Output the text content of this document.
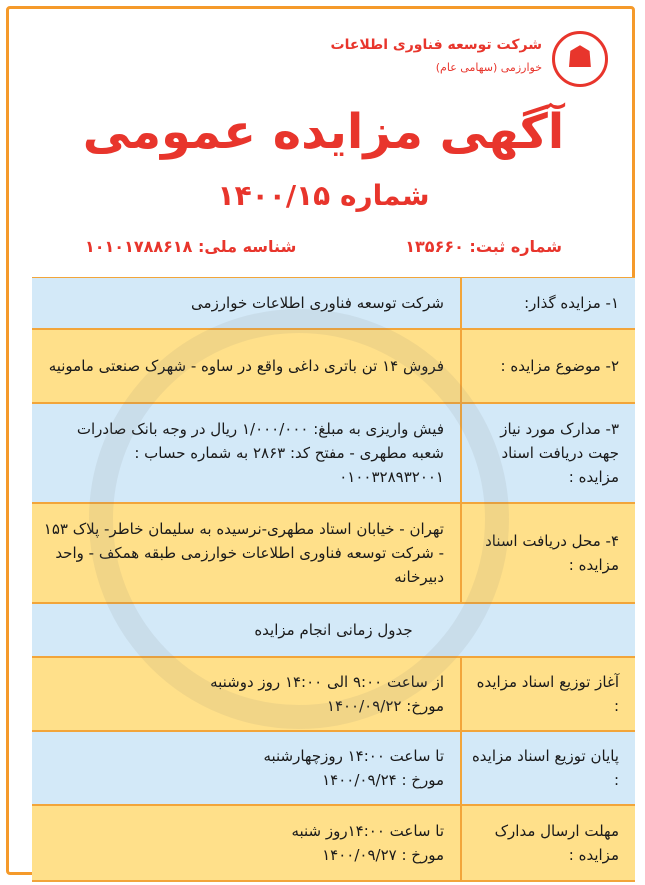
☗
شرکت توسعه فناوری اطلاعات
خوارزمی (سهامی عام)
آگهی مزایده عمومی
شماره ۱۴۰۰/۱۵
شماره ثبت: ۱۳۵۶۶۰
شناسه ملی: ۱۰۱۰۱۷۸۸۶۱۸
۱- مزایده گذار:
شرکت توسعه فناوری اطلاعات خوارزمی
۲- موضوع مزایده :
فروش ۱۴ تن باتری داغی واقع در ساوه - شهرک صنعتی مامونیه
۳- مدارک مورد نیاز جهت دریافت اسناد مزایده :
فیش واریزی به مبلغ: ۱/۰۰۰/۰۰۰ ریال در وجه بانک صادرات شعبه مطهری - مفتح کد: ۲۸۶۳ به شماره حساب : ۰۱۰۰۳۲۸۹۳۲۰۰۱
۴- محل دریافت اسناد مزایده :
تهران - خیابان استاد مطهری-نرسیده به سلیمان خاطر- پلاک ۱۵۳ - شرکت توسعه فناوری اطلاعات خوارزمی طبقه همکف - واحد دبیرخانه
جدول زمانی انجام مزایده
آغاز توزیع اسناد مزایده :
از ساعت ۹:۰۰ الی ۱۴:۰۰ روز دوشنبه
مورخ: ۱۴۰۰/۰۹/۲۲
پایان توزیع اسناد مزایده :
تا ساعت ۱۴:۰۰ روزچهارشنبه
مورخ : ۱۴۰۰/۰۹/۲۴
مهلت ارسال مدارک مزایده :
تا ساعت ۱۴:۰۰روز شنبه
مورخ : ۱۴۰۰/۰۹/۲۷
